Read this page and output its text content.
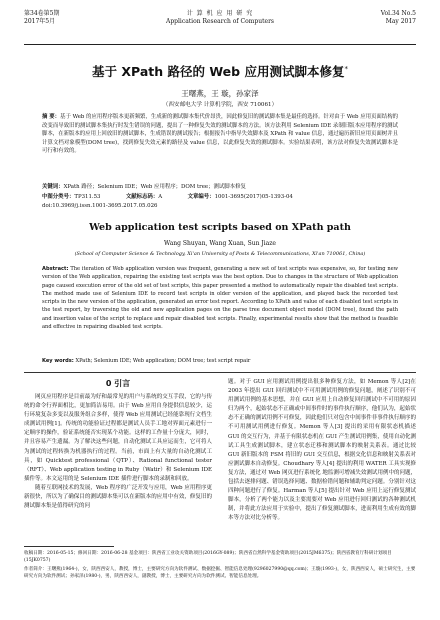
第34卷第5期
2017年5月
计 算 机 应 用 研 究
Application Research of Computers
Vol.34 No.5
May 2017
基于 XPath 路径的 Web 应用测试脚本修复*
王曙燕，王 璇，孙家泽
（西安邮电大学 计算机学院，西安 710061）
摘 要：基于 Web 的应用程序版本更新频繁，生成新的测试脚本集代价昂贵，因此修复旧的测试脚本集是最佳的选择。针对由于 Web 应用页面结构的改变而导致旧的测试脚本集执行时发生错误的问题，提出了一种修复失效的测试脚本的方法。该方法利用 Selenium IDE 录制旧版本应用程序的测试脚本，在新版本的应用上回放旧的测试脚本，生成错误的测试报告；根据报告中指导失效脚本及 XPath 和 value 信息，通过遍历新旧应用页面树并且计算文档对象模型(DOM tree)，找到修复失效元素的路径及 value 信息，以此修复失效的测试脚本。实验结果表明，该方法对修复失效测试脚本是可行和有效的。
关键词：XPath 路径；Selenium IDE；Web 应用程序；DOM tree；测试脚本修复
中图分类号：TP311.53	文献标志码：A	文章编号：1001-3695(2017)05-1393-04
doi:10.3969/j.issn.1001-3695.2017.05.026
Web application test scripts based on XPath path
Wang Shuyan, Wang Xuan, Sun Jiaze
(School of Computer Science & Technology, Xi'an University of Posts & Telecommunications, Xi'an 710061, China)
Abstract: The iteration of Web application version was frequent, generating a new set of test scripts was expensive, so, for testing new version of the Web application, repairing the existing test scripts was the best option. Due to changes in the structure of Web application page caused execution error of the old set of test scripts, this paper presented a method to automatically repair the disabled test scripts. The method made use of Selenium IDE to record test scripts in older version of the application, and played back the recorded test scripts in the new version of the application, generated an error test report. According to XPath and value of each disabled test scripts in the test report, by traversing the old and new application pages on the parse tree document object model (DOM tree), found the path and insertion value of the script to replace and repair disabled test scripts. Finally, experimental results show that the method is feasible and effective in repairing disabled test scripts.
Key words: XPath; Selenium IDE; Web application; DOM tree; test script repair
0 引言
网页应用程序是目前最为好和最常见的用户与系统的交互手段，它的与传统的命令行界面相比，更加简洁易用。由于 Web 应用自身提供信息较少，运行环境复杂多变以及服务组合多样，使得 Web 应用测试已经能靠现行文档生成测试用例[1]。传统的功能验证过程都是测试人员手工地对界面元素进行一定顺序的操作，验证系统能否实现某个功能。这样的工作量十分庞大，同时，并且容易产生遗漏。为了解决这些问题，自动化测试工具应运而生，它可将人为测试的过程转换为机器执行的过程。当前，市面上有大量的自动化测试工具，如 Quicktest professional（QTP）、Rational functional tester（RFT）、Web application testing in Ruby（Watir）和 Selenium IDE 插件等。本文运用的是 Selenium IDE 插件进行脚本的录制和回放。
随着互联网技术的发展，Web 程序的广泛开发与应用，Web 应用程序更新很快，所以为了确保目的测试脚本集可以在新版本的应用中有效，修复旧的测试脚本集是值得研究的问
题。对于 GUI 应用测试用例提出很多种修复方法，如 Memon 等人[2]在 2003 年提出 GUI 回归测试中不可用测试用例的修复问题，阐述了识别不可用测试用例的基本思想，并在 GUI 应用上自动修复回归测试中不可用的原因归为两个，起始状态不正确或中间事件时的事件执行顺序，他们认为，起始状态不正确的测试用例不可修复，因此他们只对包含中间事件非事件执行顺序的不可用测试用例进行修复。Memon 等人[3] 提出的采用有限状态机描述 GUI 的交互行为，并基于有限状态机在 GUI 产生测试用例集，使用自动化测试工具生成测试脚本，建立状态迁移和测试脚本的映射关系表。通过比较 GUI 新旧版本的 FSM 将旧的 GUI 交互信息，根据交化信息和映射关系表对应测试脚本自动修复。Choudhary 等人[4] 提出的利用 WATER 工具实现修复方法，通过对 Web 网页进行系统化 地监测可增减失效测试用例中的问题，包括去逐排问题、错误选择问题、数据检错问题和辅助判定问题。分别针对这四种问题进行了修复。Harman 等人[5] 提出针对 Web 应用上运行修复测试脚本，分析了两个能力以及主要需要对 Web 应用进行回归测试的各种测试机制，并将此方法应用于实验中，提出了修复测试脚本，进而利用生成有效的脚本等方法对比分析等。
收稿日期：2016-05-15；修回日期：2016-06-28 基金项目：陕西省工业攻关资助项目(2016GY-089)；陕西省自然科学基金资助项目(2015JM6375)；陕西省教育厅科研计划项目(15JK0757)
作者简介：王曙燕(1964-)，女，陕西西安人，教授，博士，主要研究方向为软件测试、数据挖掘、智能信息处理(9296027990@qq.com)；王璇(1993-)，女，陕西西安人，硕士研究生，主要研究方向为软件测试；孙家泽(1980-)，男，陕西西安人，副教授，博士，主要研究方向为软件测试、智能信息处理。
